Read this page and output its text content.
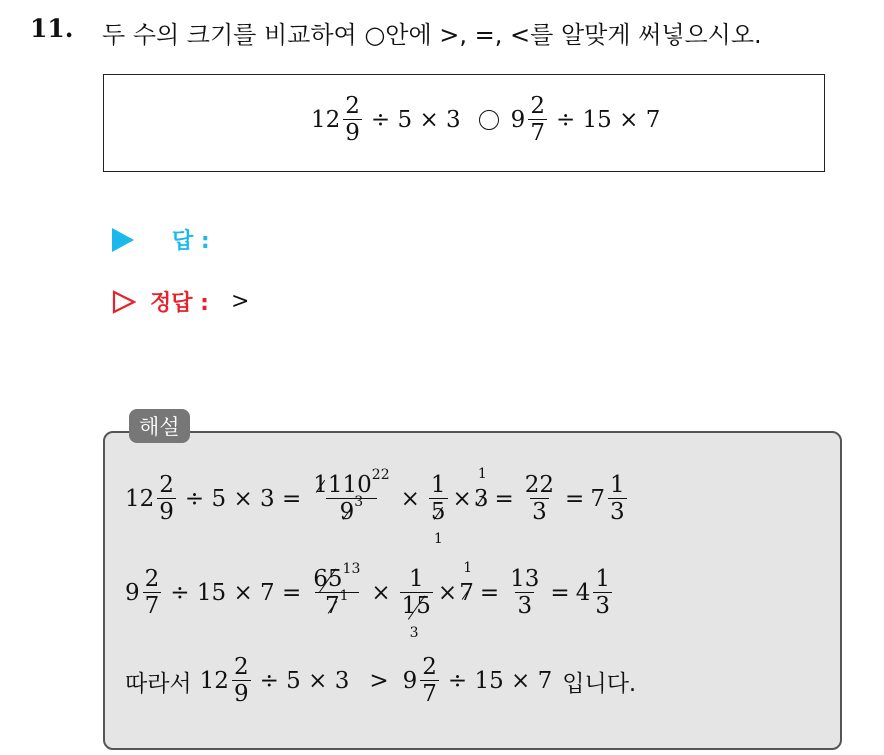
11. 두 수의 크기를 비교하여 ○안에 >, =, <를 알맞게 써넣으시오.
$12 \frac{2}{9} \div 5 \times 3$ $9 \frac{2}{7} \div 15 \times 7$
답 :
정답 : >
해설
$12 \frac{2}{9} \div 5 \times 3 = \frac{1110^{22}}{9^3}$ ×
1
5
1
×
1
$3 = \frac{22}{3} = 7 \frac{1}{3}$
$9 \frac{2}{7} \div 15 \times 7 = \frac{65^{13}}{7^1}$ ×
1
15
3
×
1
$7 = \frac{13}{3} = 4 \frac{1}{3}$
따라서 $12 \frac{2}{9} \div 5 \times 3 > 9 \frac{2}{7} \div 15 \times 7$ 입니다.
